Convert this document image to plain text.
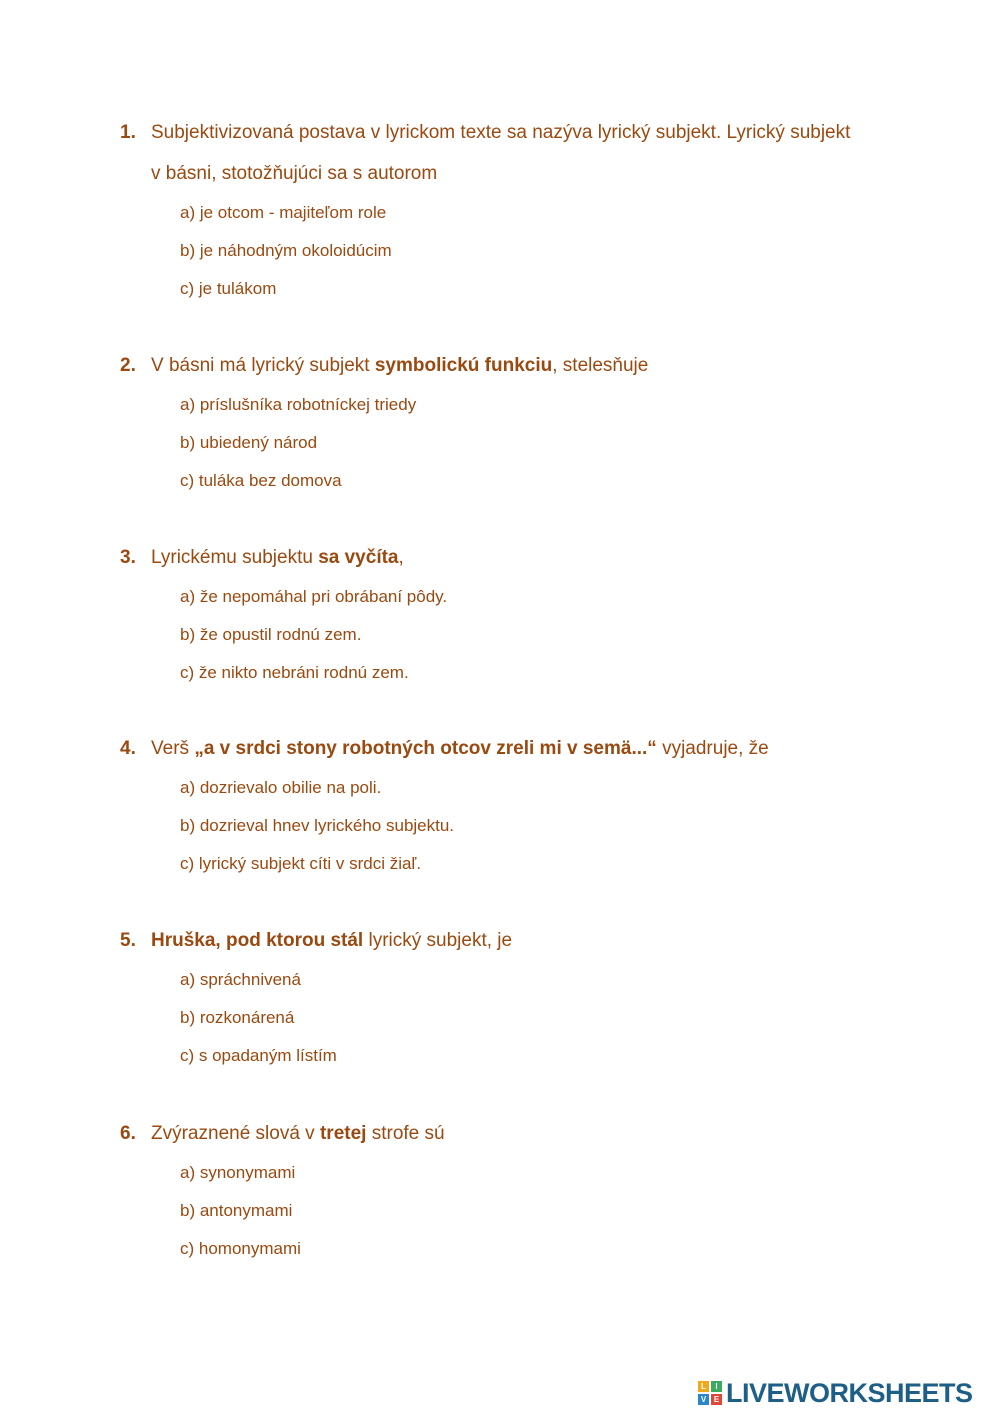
1. Subjektivizovaná postava v lyrickom texte sa nazýva lyrický subjekt. Lyrický subjekt
v básni, stotožňujúci sa s autorom
a) je otcom - majiteľom role
b) je náhodným okoloidúcim
c) je tulákom
2. V básni má lyrický subjekt symbolickú funkciu, stelesňuje
a) príslušníka robotníckej triedy
b) ubiedený národ
c) tuláka bez domova
3. Lyrickému subjektu sa vyčíta,
a) že nepomáhal pri obrábaní pôdy.
b) že opustil rodnú zem.
c) že nikto nebráni rodnú zem.
4. Verš „a v srdci stony robotných otcov zreli mi v semä...“ vyjadruje, že
a) dozrievalo obilie na poli.
b) dozrieval hnev lyrického subjektu.
c) lyrický subjekt cíti v srdci žiaľ.
5. Hruška, pod ktorou stál lyrický subjekt, je
a) spráchnivená
b) rozkonárená
c) s opadaným lístím
6. Zvýraznené slová v tretej strofe sú
a) synonymami
b) antonymami
c) homonymami
L	I
V E LIVEWORKSHEETS
